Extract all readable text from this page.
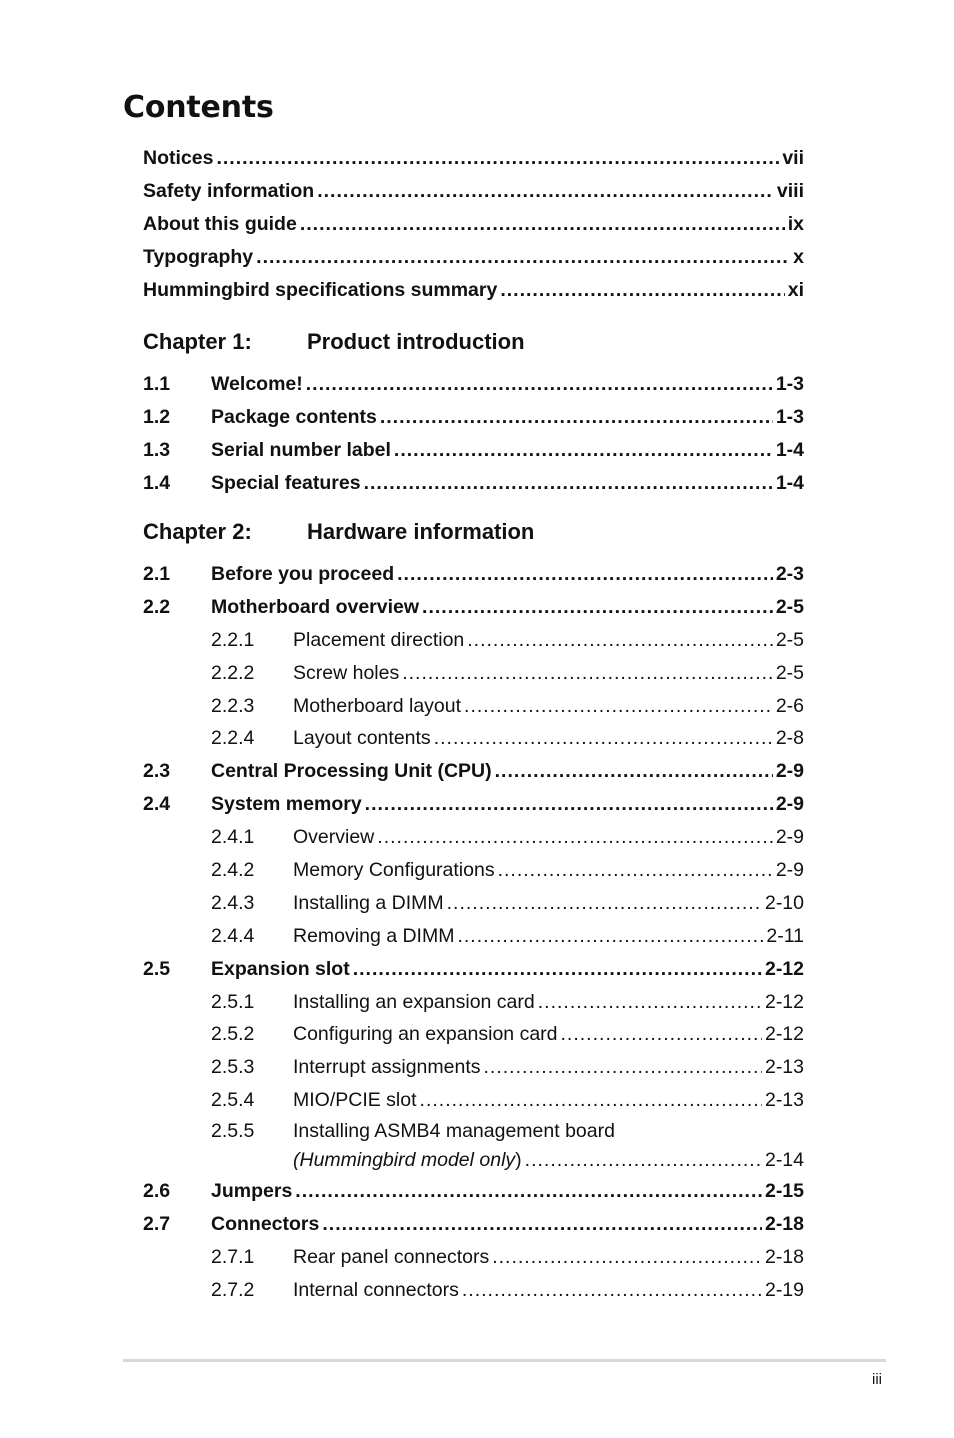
Contents
Notices .....	vii
Safety information .....	viii
About this guide .....	ix
Typography .....	x
Hummingbird specifications summary .....	xi
Chapter 1:	Product introduction
1.1	Welcome! .....	1-3
1.2	Package contents .....	1-3
1.3	Serial number label .....	1-4
1.4	Special features .....	1-4
Chapter 2:	Hardware information
2.1	Before you proceed .....	2-3
2.2	Motherboard overview .....	2-5
2.2.1	Placement direction .....	2-5
2.2.2	Screw holes .....	2-5
2.2.3	Motherboard layout .....	2-6
2.2.4	Layout contents .....	2-8
2.3	Central Processing Unit (CPU) .....	2-9
2.4	System memory .....	2-9
2.4.1	Overview .....	2-9
2.4.2	Memory Configurations .....	2-9
2.4.3	Installing a DIMM .....	2-10
2.4.4	Removing a DIMM .....	2-11
2.5	Expansion slot .....	2-12
2.5.1	Installing an expansion card .....	2-12
2.5.2	Configuring an expansion card .....	2-12
2.5.3	Interrupt assignments .....	2-13
2.5.4	MIO/PCIE slot .....	2-13
2.5.5	Installing ASMB4 management board
(Hummingbird model only) .....	2-14
2.6	Jumpers .....	2-15
2.7	Connectors .....	2-18
2.7.1	Rear panel connectors .....	2-18
2.7.2	Internal connectors .....	2-19
iii
